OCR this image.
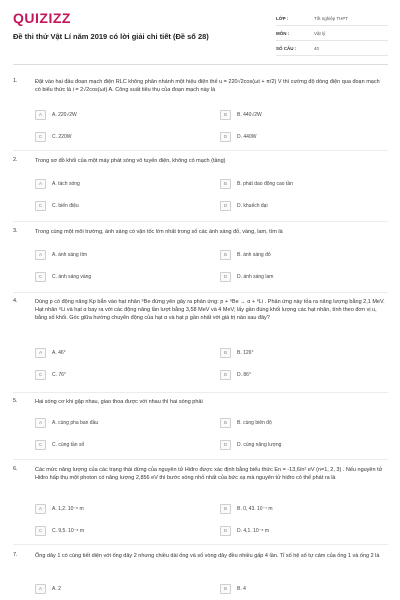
QUIZIZZ
Đề thi thử Vật Lí năm 2019 có lời giải chi tiết (Đề số 28)
LỚP :	Tốt nghiệp THPT
MÔN :	Vật lý
SỐ CÂU :	40
1.	Đặt vào hai đầu đoạn mạch điện RLC không phân nhánh một hiệu điện thế u = 220√2cos(ωt + π/2) V thì cường độ dòng điện qua đoạn mạch có biểu thức là i = 2√2cos(ωt) A. Công suất tiêu thụ của đoạn mạch này là
A	A. 220√2W	B	B. 440√2W
C	C. 220W	D	D. 440W
2.	Trong sơ đồ khối của một máy phát sóng vô tuyến điện, không có mạch (tầng)
A	A. tách sóng	B	B. phát dao động cao tần
C	C. biến điệu	D	D. khuếch đại
3.	Trong cùng một môi trường, ánh sáng có vận tốc lớn nhất trong số các ánh sáng đỏ, vàng, lam, tím là
A	A. ánh sáng tím	B	B. ánh sáng đỏ
C	C. ánh sáng vàng	D	D. ánh sáng lam
4.	Dùng p có động năng Kp bắn vào hạt nhân ⁹Be đứng yên gây ra phản ứng: p + ⁹Be → α + ⁶Li . Phản ứng này tỏa ra năng lượng bằng 2,1 MeV. Hạt nhân ⁶Li và hạt α bay ra với các động năng lần lượt bằng 3,58 MeV và 4 MeV; lấy gần đúng khối lượng các hạt nhân, tính theo đơn vị u, bằng số khối. Góc giữa hướng chuyển động của hạt α và hạt p gần nhất với giá trị nào sau đây?
A	A. 46°	B	B. 126°
C	C. 76°	D	D. 86°
5.	Hai sóng cơ khi gặp nhau, giao thoa được với nhau thì hai sóng phải
A	A. cùng pha ban đầu	B	B. cùng biên độ
C	C. cùng tần số	D	D. cùng năng lượng
6.	Các mức năng lượng của các trạng thái dừng của nguyên tử Hiđro được xác định bằng biểu thức En = -13,6/n² eV (n=1, 2, 3) . Nếu nguyên tử Hiđro hấp thụ một photon có năng lượng 2,856 eV thì bước sóng nhỏ nhất của bức xạ mà nguyên tử hiđro có thể phát ra là
A	A. 1,2. 10⁻⁸ m	B	B. 0, 43. 10⁻⁷ m
C	C. 9,5. 10⁻⁸ m	D	D. 4,1. 10⁻⁸ m
7.	Ống dây 1 có cùng tiết diện với ống dây 2 nhưng chiều dài ống và số vòng dây đều nhiều gấp 4 lần. Tỉ số hệ số tự cảm của ống 1 và ống 2 là
A	A. 2	B	B. 4
